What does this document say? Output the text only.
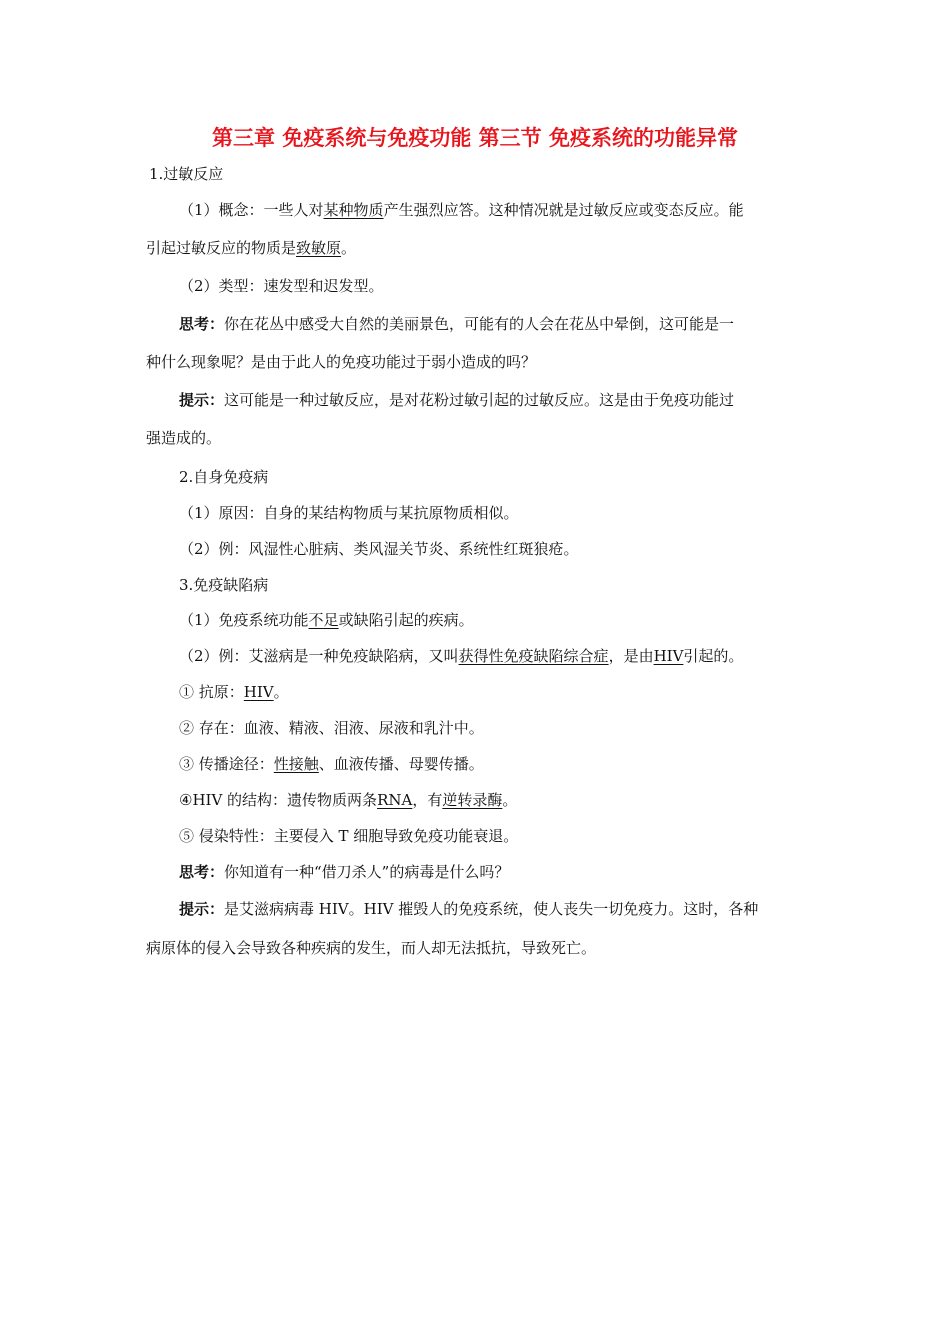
第三章 免疫系统与免疫功能 第三节 免疫系统的功能异常
1.过敏反应
（1）概念：一些人对某种物质产生强烈应答。这种情况就是过敏反应或变态反应。能
引起过敏反应的物质是致敏原。
（2）类型：速发型和迟发型。
思考：你在花丛中感受大自然的美丽景色，可能有的人会在花丛中晕倒，这可能是一
种什么现象呢？是由于此人的免疫功能过于弱小造成的吗？
提示：这可能是一种过敏反应，是对花粉过敏引起的过敏反应。这是由于免疫功能过
强造成的。
2.自身免疫病
（1）原因：自身的某结构物质与某抗原物质相似。
（2）例：风湿性心脏病、类风湿关节炎、系统性红斑狼疮。
3.免疫缺陷病
（1）免疫系统功能不足或缺陷引起的疾病。
（2）例：艾滋病是一种免疫缺陷病，又叫获得性免疫缺陷综合症，是由HIV引起的。
① 抗原：HIV。
② 存在：血液、精液、泪液、尿液和乳汁中。
③ 传播途径：性接触、血液传播、母婴传播。
④HIV 的结构：遗传物质两条RNA，有逆转录酶。
⑤ 侵染特性：主要侵入 T 细胞导致免疫功能衰退。
思考：你知道有一种“借刀杀人”的病毒是什么吗？
提示：是艾滋病病毒 HIV。HIV 摧毁人的免疫系统，使人丧失一切免疫力。这时，各种
病原体的侵入会导致各种疾病的发生，而人却无法抵抗，导致死亡。
